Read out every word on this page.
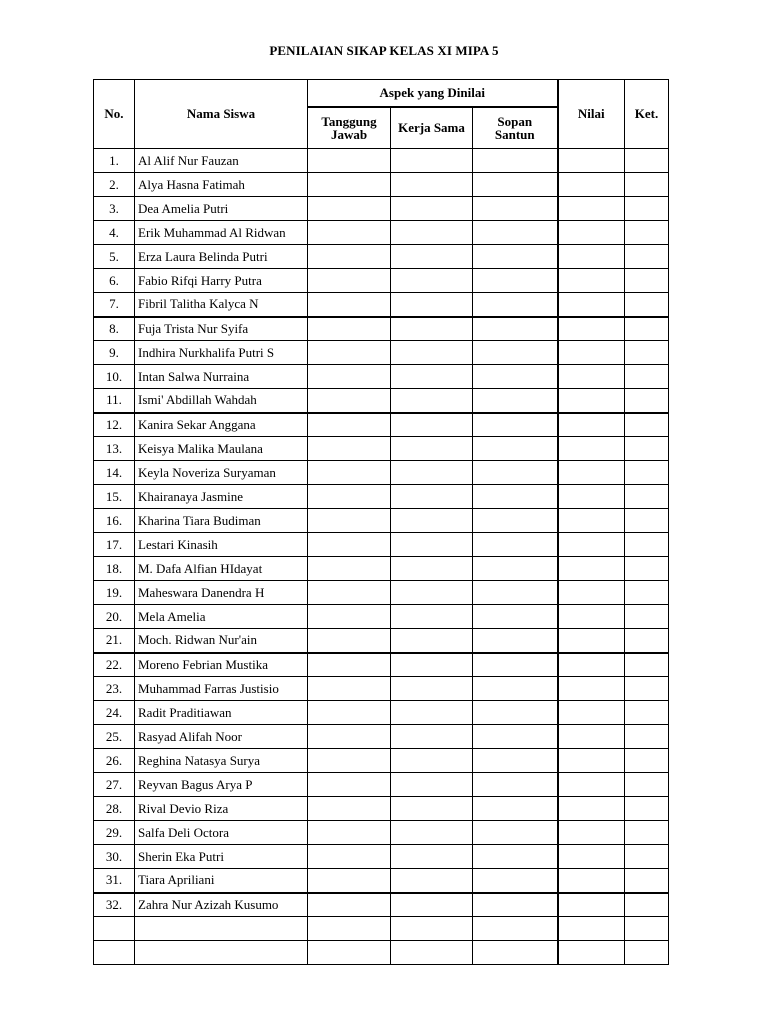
PENILAIAN SIKAP KELAS XI MIPA 5
No.	Nama Siswa	Aspek yang Dinilai			Nilai	Ket.
		Tanggung Jawab	Kerja Sama	Sopan Santun		
1.	Al Alif Nur Fauzan					
2.	Alya Hasna Fatimah					
3.	Dea Amelia Putri					
4.	Erik Muhammad Al Ridwan					
5.	Erza Laura Belinda Putri					
6.	Fabio Rifqi Harry Putra					
7.	Fibril Talitha Kalyca N					
8.	Fuja Trista Nur Syifa					
9.	Indhira Nurkhalifa Putri S					
10.	Intan Salwa Nurraina					
11.	Ismi' Abdillah Wahdah					
12.	Kanira Sekar Anggana					
13.	Keisya Malika Maulana					
14.	Keyla Noveriza Suryaman					
15.	Khairanaya Jasmine					
16.	Kharina Tiara Budiman					
17.	Lestari Kinasih					
18.	M. Dafa Alfian HIdayat					
19.	Maheswara Danendra H					
20.	Mela Amelia					
21.	Moch. Ridwan Nur'ain					
22.	Moreno Febrian Mustika					
23.	Muhammad Farras Justisio					
24.	Radit Praditiawan					
25.	Rasyad Alifah Noor					
26.	Reghina Natasya Surya					
27.	Reyvan Bagus Arya P					
28.	Rival Devio Riza					
29.	Salfa Deli Octora					
30.	Sherin Eka Putri					
31.	Tiara Apriliani					
32.	Zahra Nur Azizah Kusumo					
